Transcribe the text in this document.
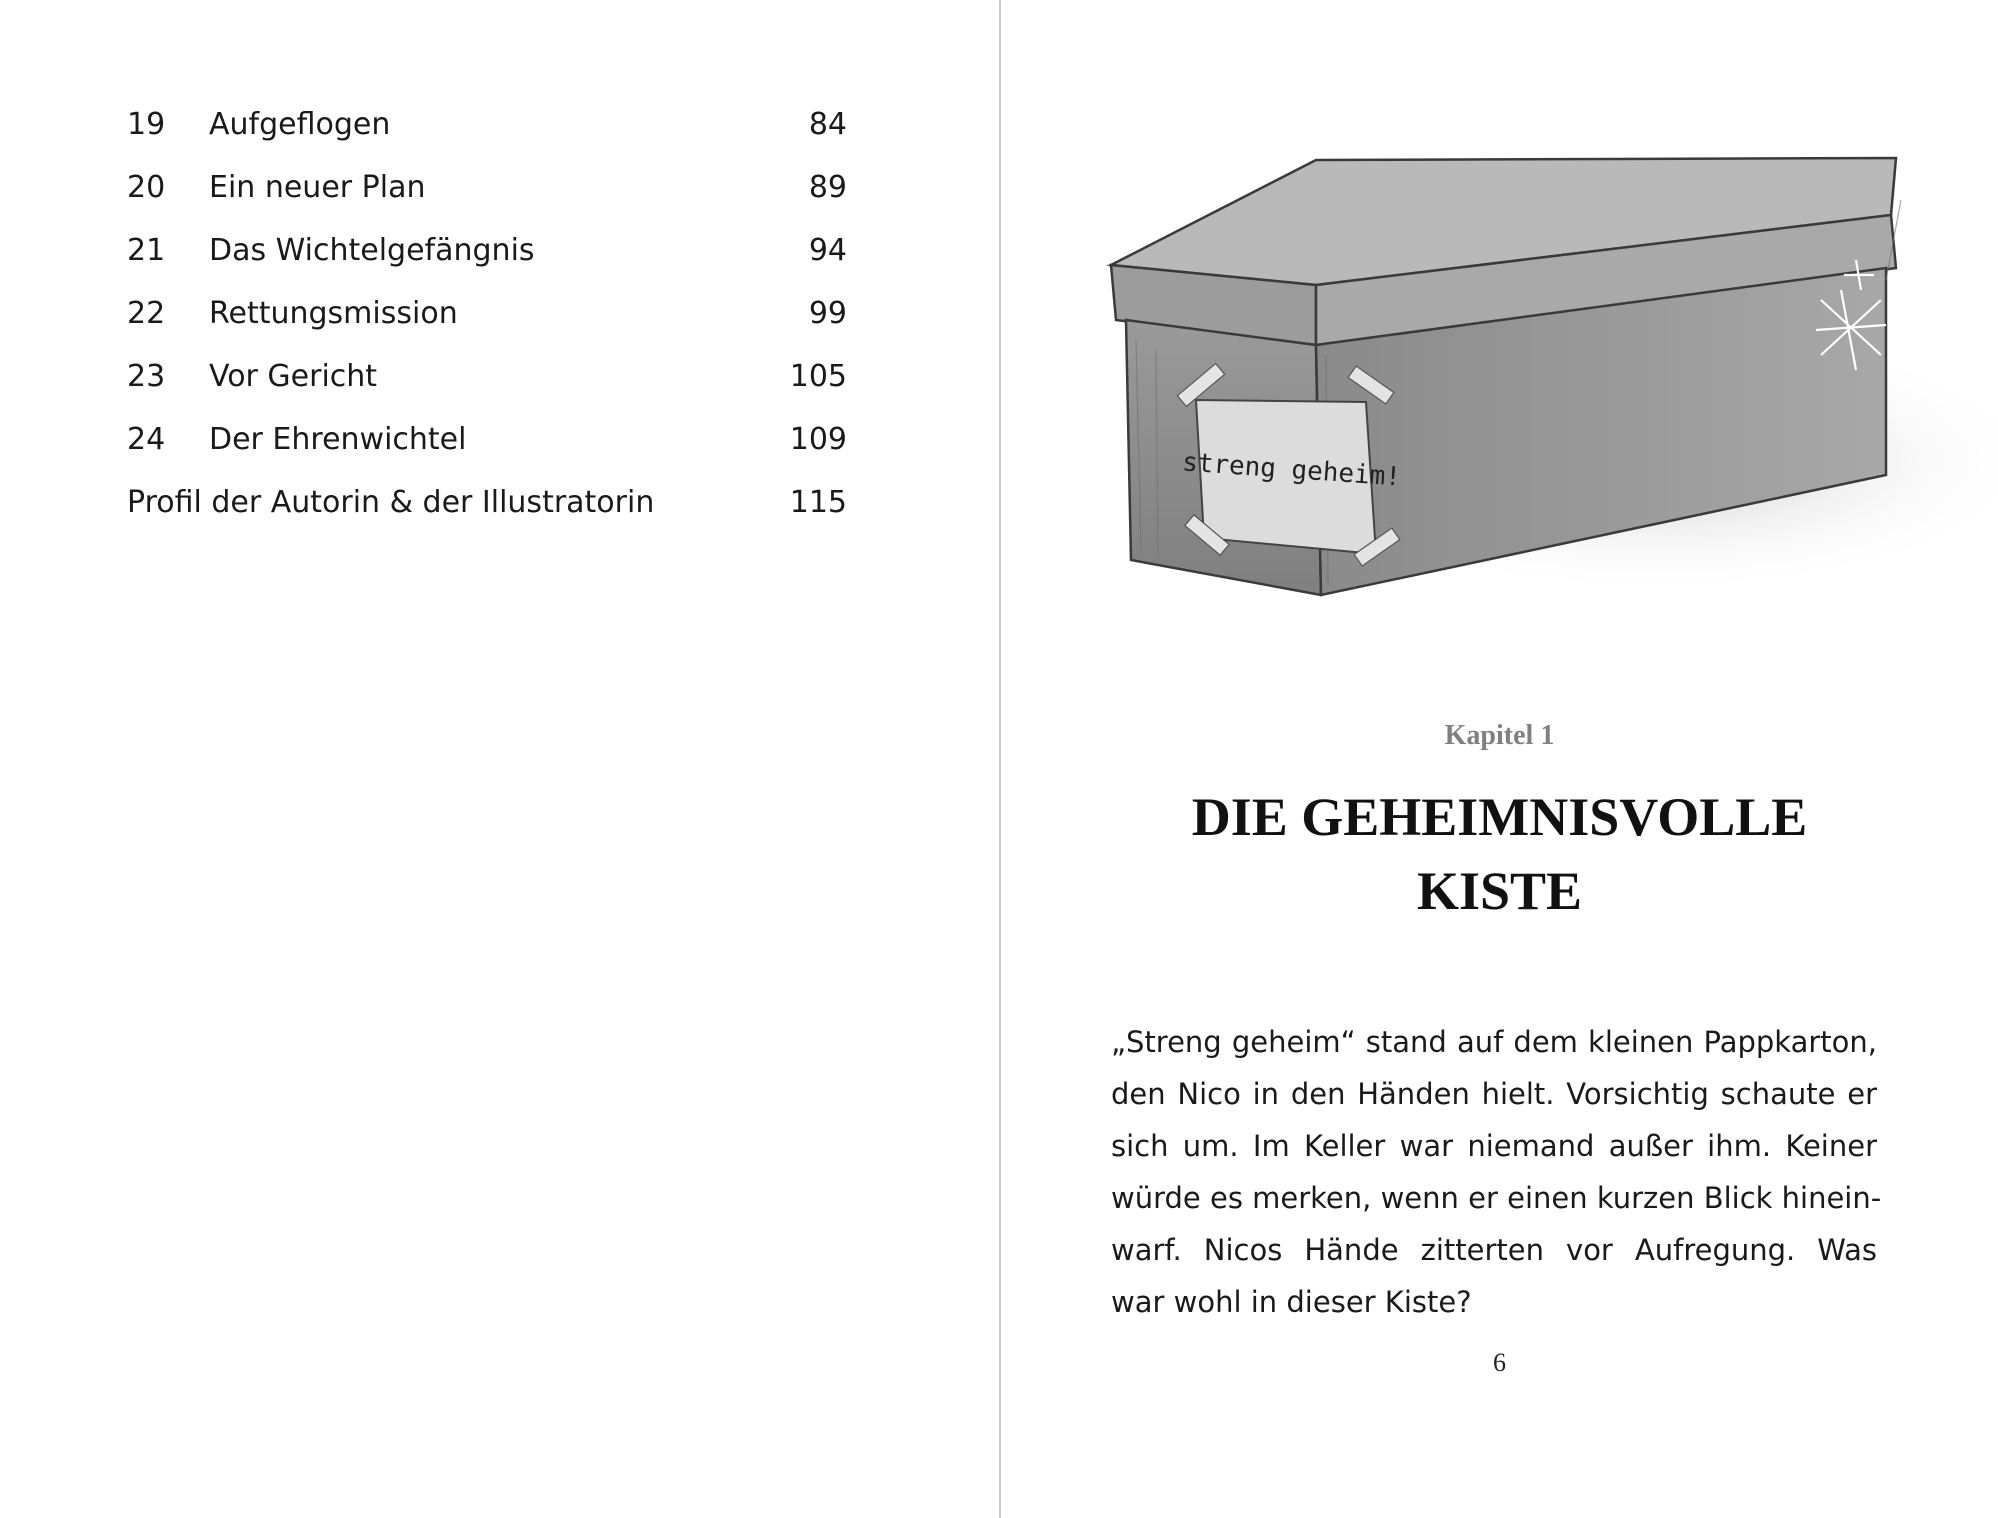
19 Aufgeflogen	84
20 Ein neuer Plan	89
21 Das Wichtelgefängnis	94
22 Rettungsmission	99
23 Vor Gericht	105
24 Der Ehrenwichtel	109
Profil der Autorin & der Illustratorin	115
streng geheim!
Kapitel 1
DIE GEHEIMNISVOLLE
KISTE
„Streng geheim“ stand auf dem kleinen Pappkarton,
den Nico in den Händen hielt. Vorsichtig schaute er
sich um. Im Keller war niemand außer ihm. Keiner
würde es merken, wenn er einen kurzen Blick hinein-
warf. Nicos Hände zitterten vor Aufregung. Was
war wohl in dieser Kiste?
6
